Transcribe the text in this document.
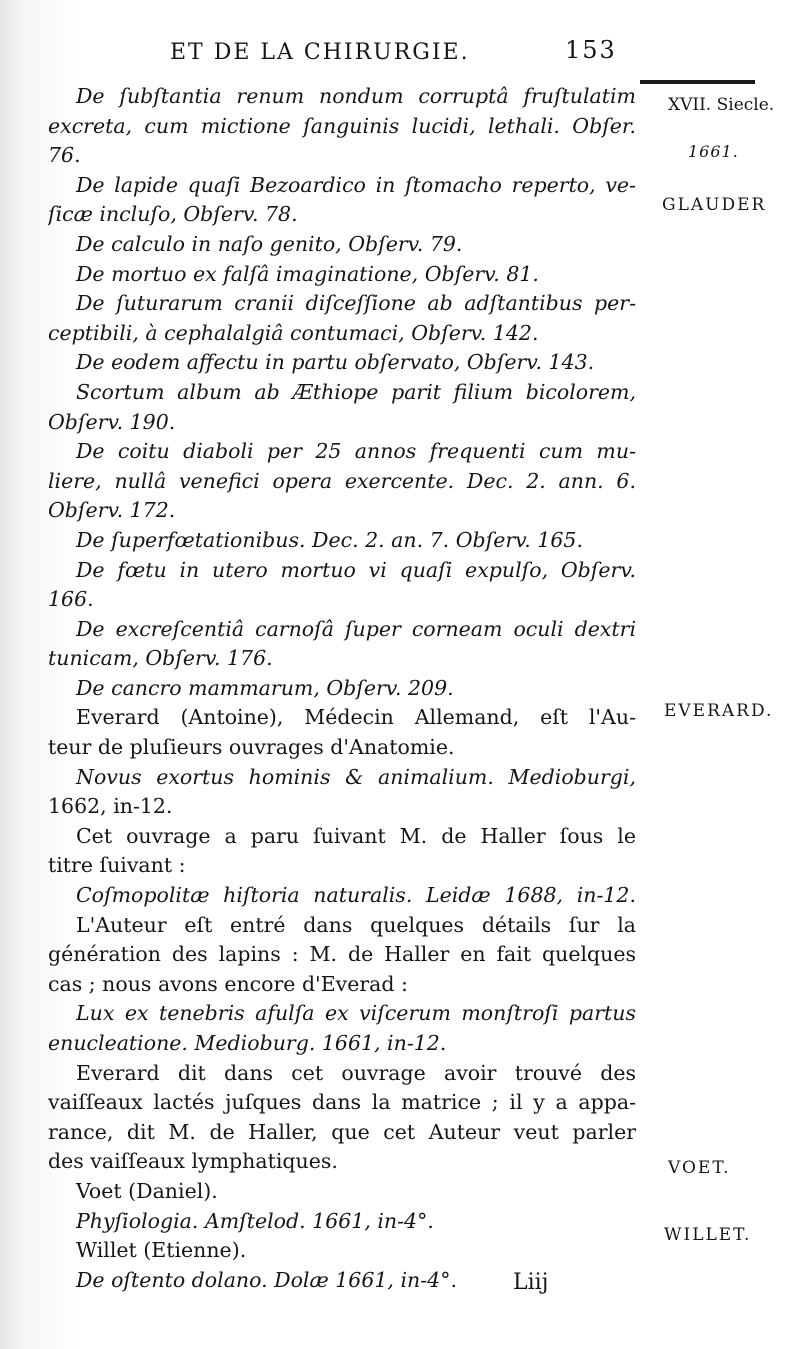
ET DE LA CHIRURGIE.	153
De ſubſtantia renum nondum corruptâ fruſtulatim
excreta, cum mictione ſanguinis lucidi, lethali. Obſer.
76.
De lapide quaſi Bezoardico in ſtomacho reperto, ve-
ſicæ incluſo, Obſerv. 78.
De calculo in naſo genito, Obſerv. 79.
De mortuo ex falſâ imaginatione, Obſerv. 81.
De ſuturarum cranii diſceſſione ab adſtantibus per-
ceptibili, à cephalalgiâ contumaci, Obſerv. 142.
De eodem affectu in partu obſervato, Obſerv. 143.
Scortum album ab Æthiope parit filium bicolorem,
Obſerv. 190.
De coitu diaboli per 25 annos frequenti cum mu-
liere, nullâ venefici opera exercente. Dec. 2. ann. 6.
Obſerv. 172.
De ſuperfœtationibus. Dec. 2. an. 7. Obſerv. 165.
De fœtu in utero mortuo vi quaſi expulſo, Obſerv.
166.
De excreſcentiâ carnoſâ ſuper corneam oculi dextri
tunicam, Obſerv. 176.
De cancro mammarum, Obſerv. 209.
Everard (Antoine), Médecin Allemand, eſt l'Au-
teur de pluſieurs ouvrages d'Anatomie.
Novus exortus hominis & animalium. Medioburgi,
1662, in-12.
Cet ouvrage a paru ſuivant M. de Haller ſous le
titre ſuivant :
Coſmopolitæ hiſtoria naturalis. Leidæ 1688, in-12.
L'Auteur eſt entré dans quelques détails ſur la
génération des lapins : M. de Haller en fait quelques
cas ; nous avons encore d'Everad :
Lux ex tenebris afulſa ex viſcerum monſtroſi partus
enucleatione. Medioburg. 1661, in-12.
Everard dit dans cet ouvrage avoir trouvé des
vaiſſeaux lactés juſques dans la matrice ; il y a appa-
rance, dit M. de Haller, que cet Auteur veut parler
des vaiſſeaux lymphatiques.
Voet (Daniel).
Phyſiologia. Amſtelod. 1661, in-4°.
Willet (Etienne).
De oſtento dolano. Dolæ 1661, in-4°.
XVII. Siecle.
1661.
GLAUDER
EVERARD.
VOET.
WILLET.
Liij
